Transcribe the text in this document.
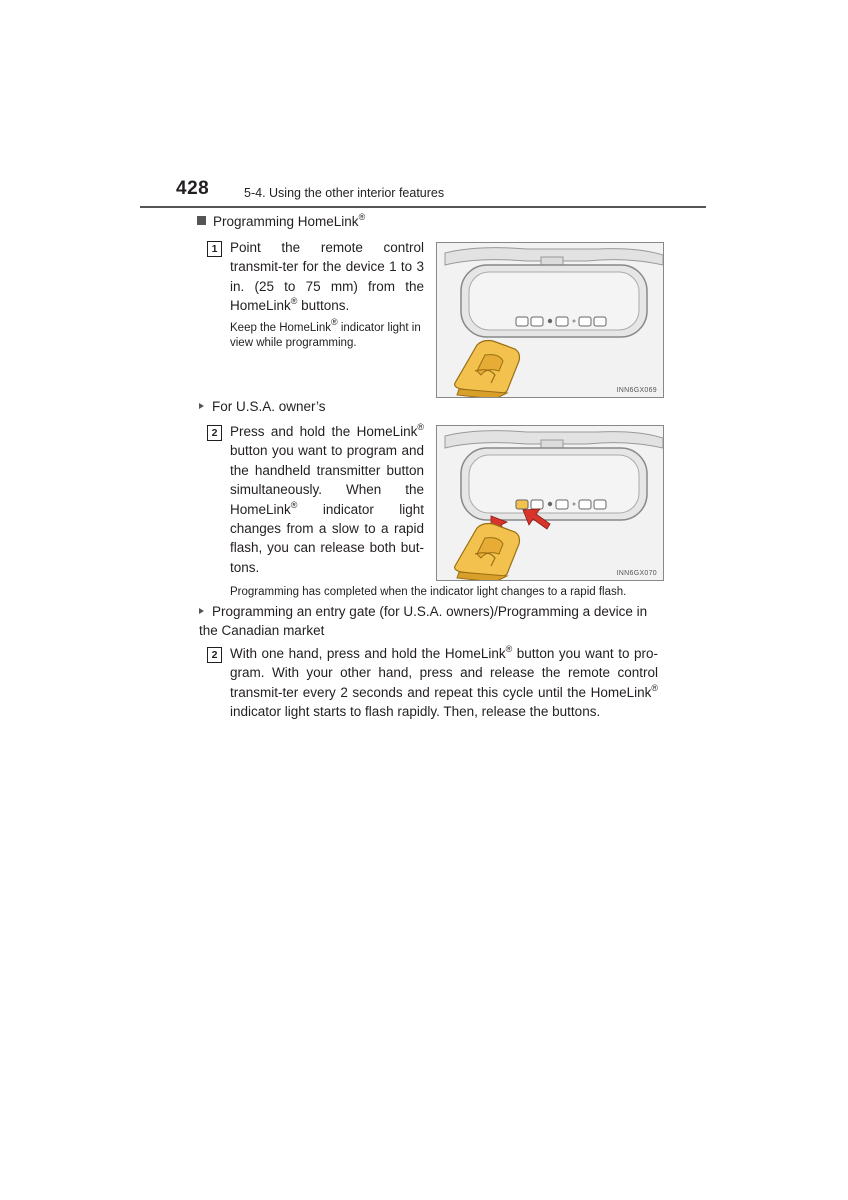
428	5-4. Using the other interior features
Programming HomeLink®
1 Point the remote control transmit-ter for the device 1 to 3 in. (25 to 75 mm) from the HomeLink® buttons.
Keep the HomeLink® indicator light in view while programming.
INN6GX069
For U.S.A. owner’s
2 Press and hold the HomeLink® button you want to program and the handheld transmitter button simultaneously. When the HomeLink® indicator light changes from a slow to a rapid flash, you can release both but-tons.	INN6GX070
Programming has completed when the indicator light changes to a rapid flash.
Programming an entry gate (for U.S.A. owners)/Programming a device in the Canadian market
2 With one hand, press and hold the HomeLink® button you want to pro-gram. With your other hand, press and release the remote control transmit-ter every 2 seconds and repeat this cycle until the HomeLink® indicator light starts to flash rapidly. Then, release the buttons.
